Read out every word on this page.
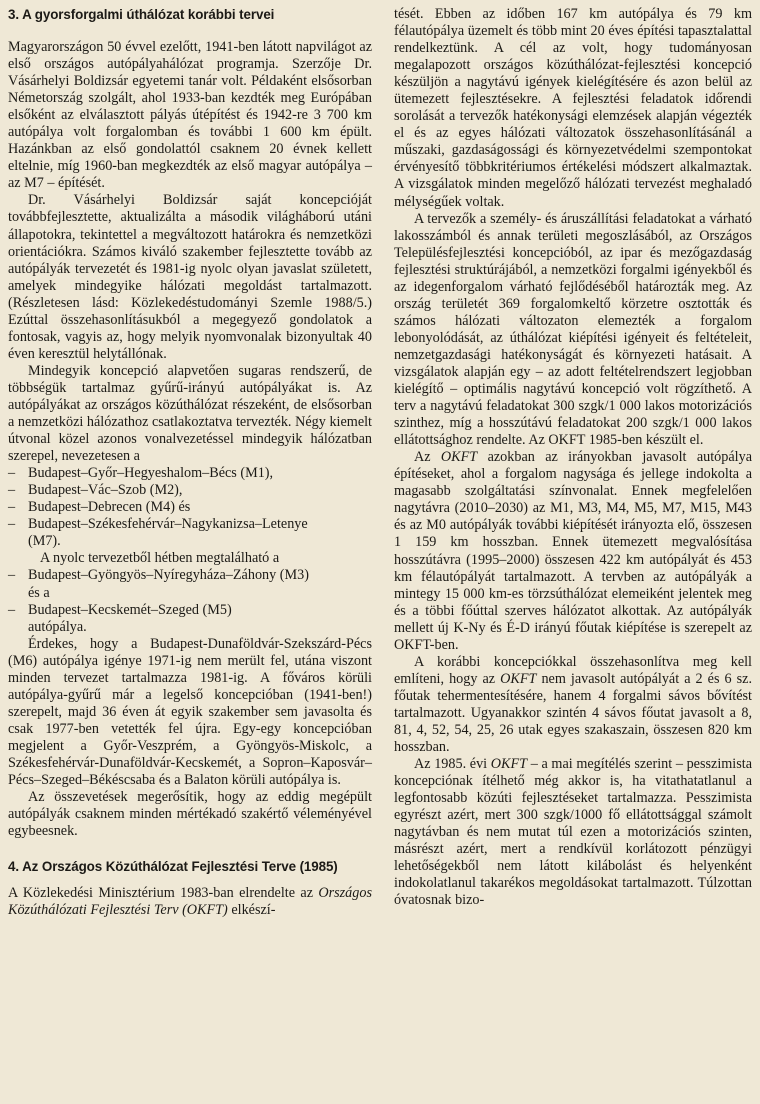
3. A gyorsforgalmi úthálózat korábbi tervei

Magyarországon 50 évvel ezelőtt, 1941-ben látott napvilágot az első országos autópályahálózat programja. Szerzője Dr. Vásárhelyi Boldizsár egyetemi tanár volt. Példaként elsősorban Németország szolgált, ahol 1933-ban kezdték meg Európában elsőként az elválasztott pályás útépítést és 1942-re 3 700 km autópálya volt forgalomban és további 1 600 km épült. Hazánkban az első gondolattól csaknem 20 évnek kellett eltelnie, míg 1960-ban megkezdték az első magyar autópálya – az M7 – építését.

Dr. Vásárhelyi Boldizsár saját koncepcióját továbbfejlesztette, aktualizálta a második világháború utáni állapotokra, tekintettel a megváltozott határokra és nemzetközi orientációkra. Számos kiváló szakember fejlesztette tovább az autópályák tervezetét és 1981-ig nyolc olyan javaslat született, amelyek mindegyike hálózati megoldást tartalmazott. (Részletesen lásd: Közlekedéstudományi Szemle 1988/5.) Ezúttal összehasonlításukból a megegyező gondolatok a fontosak, vagyis az, hogy melyik nyomvonalak bizonyultak 40 éven keresztül helytállónak.

Mindegyik koncepció alapvetően sugaras rendszerű, de többségük tartalmaz gyűrű-irányú autópályákat is. Az autópályákat az országos közúthálózat részeként, de elsősorban a nemzetközi hálózathoz csatlakoztatva tervezték. Négy kiemelt útvonal közel azonos vonalvezetéssel mindegyik hálózatban szerepel, nevezetesen a

– Budapest–Győr–Hegyeshalom–Bécs (M1),
– Budapest–Vác–Szob (M2),
– Budapest–Debrecen (M4) és
– Budapest–Székesfehérvár–Nagykanizsa–Letenye
(M7).
A nyolc tervezetből hétben megtalálható a
– Budapest–Gyöngyös–Nyíregyháza–Záhony (M3)
és a
– Budapest–Kecskemét–Szeged (M5)
autópálya.

Érdekes, hogy a Budapest-Dunaföldvár-Szekszárd-Pécs (M6) autópálya igénye 1971-ig nem merült fel, utána viszont minden tervezet tartalmazza 1981-ig. A főváros körüli autópálya-gyűrű már a legelső koncepcióban (1941-ben!) szerepelt, majd 36 éven át egyik szakember sem javasolta és csak 1977-ben vetették fel újra. Egy-egy koncepcióban megjelent a Győr-Veszprém, a Gyöngyös-Miskolc, a Székesfehérvár-Dunaföldvár-Kecskemét, a Sopron–Kaposvár–Pécs–Szeged–Békéscsaba és a Balaton körüli autópálya is.

Az összevetések megerősítik, hogy az eddig megépült autópályák csaknem minden mértékadó szakértő véleményével egybeesnek.

4. Az Országos Közúthálózat Fejlesztési Terve (1985)

A Közlekedési Minisztérium 1983-ban elrendelte az Országos Közúthálózati Fejlesztési Terv (OKFT) elkészí-

tését. Ebben az időben 167 km autópálya és 79 km félautópálya üzemelt és több mint 20 éves építési tapasztalattal rendelkeztünk. A cél az volt, hogy tudományosan megalapozott országos közúthálózat-fejlesztési koncepció készüljön a nagytávú igények kielégítésére és azon belül az ütemezett fejlesztésekre. A fejlesztési feladatok időrendi sorolását a tervezők hatékonysági elemzések alapján végezték el és az egyes hálózati változatok összehasonlításánál a műszaki, gazdaságossági és környezetvédelmi szempontokat érvényesítő többkritériumos értékelési módszert alkalmaztak. A vizsgálatok minden megelőző hálózati tervezést meghaladó mélységűek voltak.

A tervezők a személy- és áruszállítási feladatokat a várható lakosszámból és annak területi megoszlásából, az Országos Településfejlesztési koncepcióból, az ipar és mezőgazdaság fejlesztési struktúrájából, a nemzetközi forgalmi igényekből és az idegenforgalom várható fejlődéséből határozták meg. Az ország területét 369 forgalomkeltő körzetre osztották és számos hálózati változaton elemezték a forgalom lebonyolódását, az úthálózat kiépítési igényeit és feltételeit, nemzetgazdasági hatékonyságát és környezeti hatásait. A vizsgálatok alapján egy – az adott feltételrendszert legjobban kielégítő – optimális nagytávú koncepció volt rögzíthető. A terv a nagytávú feladatokat 300 szgk/1 000 lakos motorizációs szinthez, míg a hosszútávú feladatokat 200 szgk/1 000 lakos ellátottsághoz rendelte. Az OKFT 1985-ben készült el.

Az OKFT azokban az irányokban javasolt autópálya építéseket, ahol a forgalom nagysága és jellege indokolta a magasabb szolgáltatási színvonalat. Ennek megfelelően nagytávra (2010–2030) az M1, M3, M4, M5, M7, M15, M43 és az M0 autópályák további kiépítését irányozta elő, összesen 1 159 km hosszban. Ennek ütemezett megvalósítása hosszútávra (1995–2000) összesen 422 km autópályát és 453 km félautópályát tartalmazott. A tervben az autópályák a mintegy 15 000 km-es törzsúthálózat elemeiként jelentek meg és a többi főúttal szerves hálózatot alkottak. Az autópályák mellett új K-Ny és É-D irányú főutak kiépítése is szerepelt az OKFT-ben.

A korábbi koncepciókkal összehasonlítva meg kell említeni, hogy az OKFT nem javasolt autópályát a 2 és 6 sz. főutak tehermentesítésére, hanem 4 forgalmi sávos bővítést tartalmazott. Ugyanakkor szintén 4 sávos főutat javasolt a 8, 81, 4, 52, 54, 25, 26 utak egyes szakaszain, összesen 820 km hosszban.

Az 1985. évi OKFT – a mai megítélés szerint – pesszimista koncepciónak ítélhető még akkor is, ha vitathatatlanul a legfontosabb közúti fejlesztéseket tartalmazza. Pesszimista egyrészt azért, mert 300 szgk/1000 fő ellátottsággal számolt nagytávban és nem mutat túl ezen a motorizációs szinten, másrészt azért, mert a rendkívül korlátozott pénzügyi lehetőségekből nem látott kilábolást és helyenként indokolatlanul takarékos megoldásokat tartalmazott. Túlzottan óvatosnak bizo-
